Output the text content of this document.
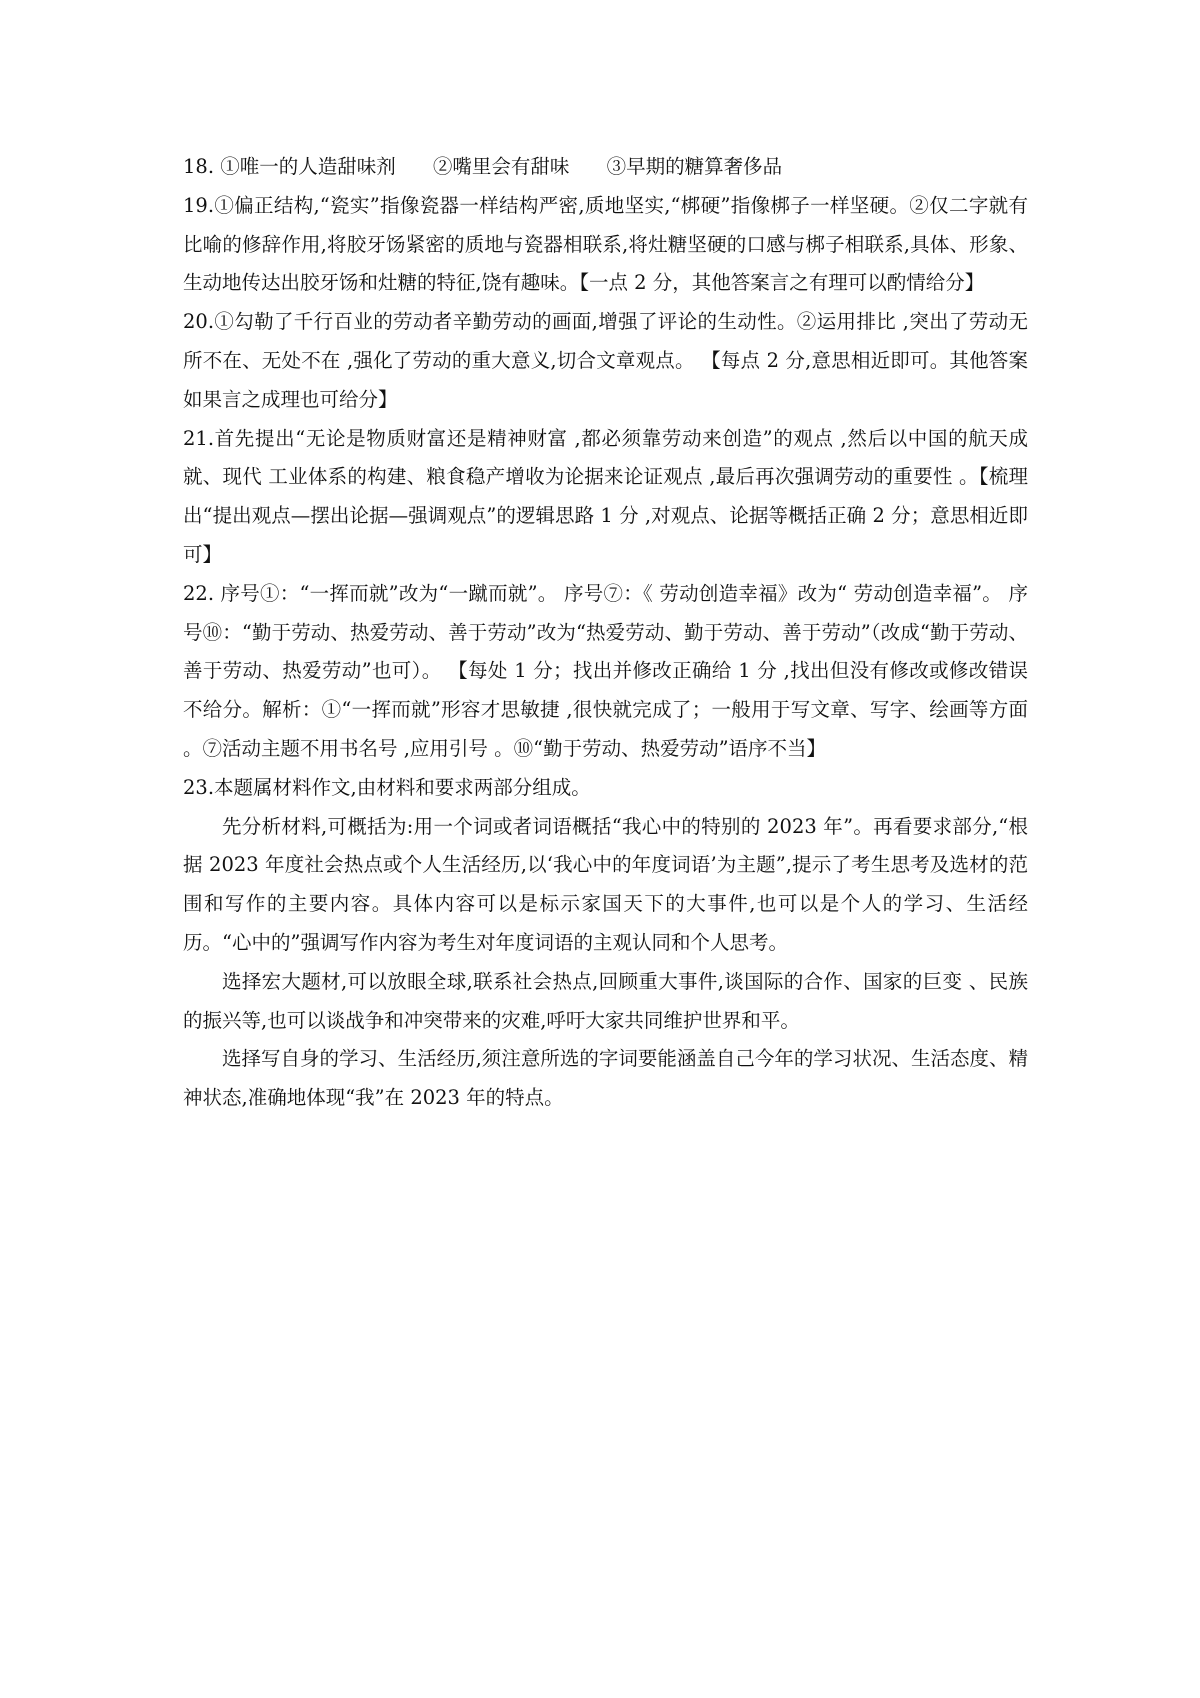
18. ①唯一的人造甜味剂      ②嘴里会有甜味      ③早期的糖算奢侈品

19.①偏正结构,“瓷实”指像瓷器一样结构严密,质地坚实,“梆硬”指像梆子一样坚硬。②仅二字就有比喻的修辞作用,将胶牙饧紧密的质地与瓷器相联系,将灶糖坚硬的口感与梆子相联系,具体、形象、生动地传达出胶牙饧和灶糖的特征,饶有趣味。【一点 2 分，其他答案言之有理可以酌情给分】

20.①勾勒了千行百业的劳动者辛勤劳动的画面,增强了评论的生动性。②运用排比 ,突出了劳动无所不在、无处不在 ,强化了劳动的重大意义,切合文章观点。 【每点 2 分,意思相近即可。其他答案如果言之成理也可给分】

21.首先提出“无论是物质财富还是精神财富 ,都必须靠劳动来创造”的观点 ,然后以中国的航天成就、现代 工业体系的构建、粮食稳产增收为论据来论证观点 ,最后再次强调劳动的重要性 。【梳理出“提出观点—摆出论据—强调观点”的逻辑思路 1 分 ,对观点、论据等概括正确 2 分；意思相近即可】

22. 序号①：“一挥而就”改为“一蹴而就”。 序号⑦：《 劳动创造幸福》改为“ 劳动创造幸福”。 序号⑩：“勤于劳动、热爱劳动、善于劳动”改为“热爱劳动、勤于劳动、善于劳动”（改成“勤于劳动、善于劳动、热爱劳动”也可）。 【每处 1 分；找出并修改正确给 1 分 ,找出但没有修改或修改错误不给分。解析：①“一挥而就”形容才思敏捷 ,很快就完成了；一般用于写文章、写字、绘画等方面 。⑦活动主题不用书名号 ,应用引号 。⑩“勤于劳动、热爱劳动”语序不当】

23.本题属材料作文,由材料和要求两部分组成。

先分析材料,可概括为:用一个词或者词语概括“我心中的特别的 2023 年”。再看要求部分,“根据 2023 年度社会热点或个人生活经历,以‘我心中的年度词语’为主题”,提示了考生思考及选材的范围和写作的主要内容。具体内容可以是标示家国天下的大事件,也可以是个人的学习、生活经历。“心中的”强调写作内容为考生对年度词语的主观认同和个人思考。

选择宏大题材,可以放眼全球,联系社会热点,回顾重大事件,谈国际的合作、国家的巨变 、民族的振兴等,也可以谈战争和冲突带来的灾难,呼吁大家共同维护世界和平。

选择写自身的学习、生活经历,须注意所选的字词要能涵盖自己今年的学习状况、生活态度、精神状态,准确地体现“我”在 2023 年的特点。
